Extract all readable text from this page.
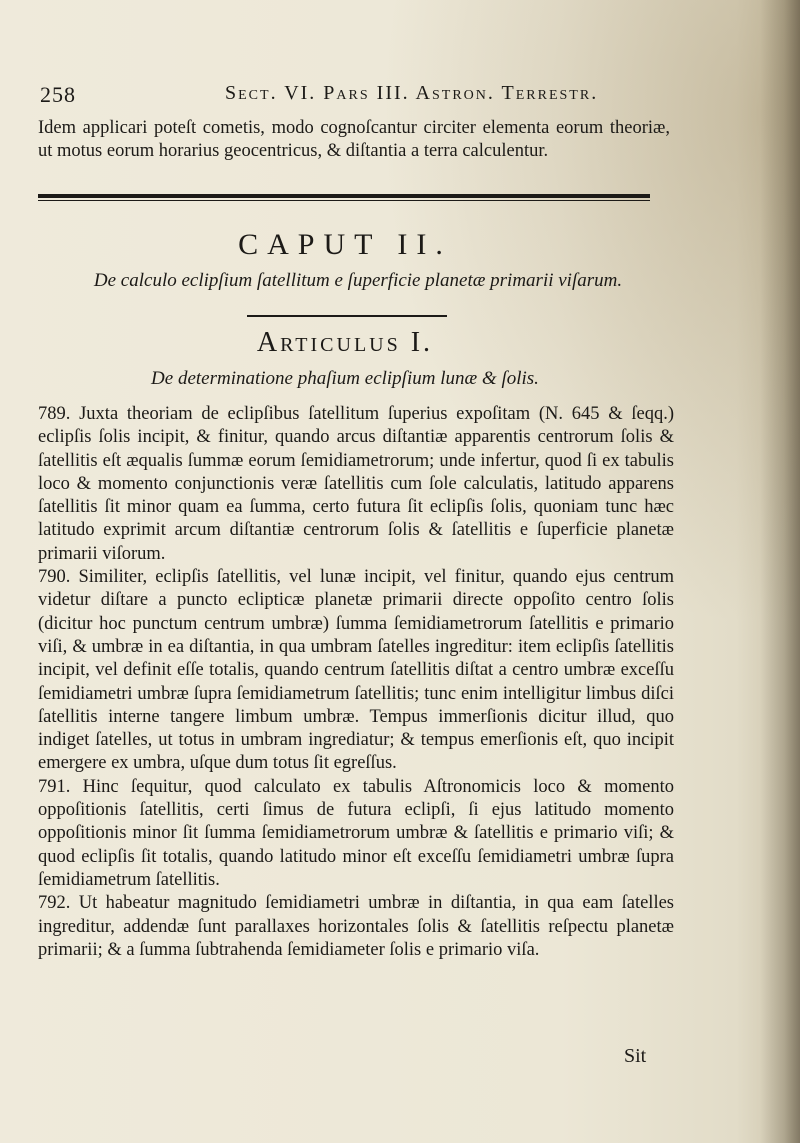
258	Sect. VI. Pars III. Astron. Terrestr.
Idem applicari poteſt cometis, modo cognoſcantur circiter elementa eorum theoriæ, ut motus eorum horarius geocentricus, & diſtantia a terra calculentur.
CAPUT II.
De calculo eclipſium ſatellitum e ſuperficie planetæ primarii viſarum.
Articulus I.
De determinatione phaſium eclipſium lunæ & ſolis.

789. Juxta theoriam de eclipſibus ſatellitum ſuperius expoſitam (N. 645 & ſeqq.) eclipſis ſolis incipit, & finitur, quando arcus diſtantiæ apparentis centrorum ſolis & ſatellitis eſt æqualis ſummæ eorum ſemidiametrorum; unde infertur, quod ſi ex tabulis loco & momento conjunctionis veræ ſatellitis cum ſole calculatis, latitudo apparens ſatellitis ſit minor quam ea ſumma, certo futura ſit eclipſis ſolis, quoniam tunc hæc latitudo exprimit arcum diſtantiæ centrorum ſolis & ſatellitis e ſuperficie planetæ primarii viſorum.

790. Similiter, eclipſis ſatellitis, vel lunæ incipit, vel finitur, quando ejus centrum videtur diſtare a puncto eclipticæ planetæ primarii directe oppoſito centro ſolis (dicitur hoc punctum centrum umbræ) ſumma ſemidiametrorum ſatellitis e primario viſi, & umbræ in ea diſtantia, in qua umbram ſatelles ingreditur: item eclipſis ſatellitis incipit, vel definit eſſe totalis, quando centrum ſatellitis diſtat a centro umbræ exceſſu ſemidiametri umbræ ſupra ſemidiametrum ſatellitis; tunc enim intelligitur limbus diſci ſatellitis interne tangere limbum umbræ. Tempus immerſionis dicitur illud, quo indiget ſatelles, ut totus in umbram ingrediatur; & tempus emerſionis eſt, quo incipit emergere ex umbra, uſque dum totus ſit egreſſus.

791. Hinc ſequitur, quod calculato ex tabulis Aſtronomicis loco & momento oppoſitionis ſatellitis, certi ſimus de futura eclipſi, ſi ejus latitudo momento oppoſitionis minor ſit ſumma ſemidiametrorum umbræ & ſatellitis e primario viſi; & quod eclipſis ſit totalis, quando latitudo minor eſt exceſſu ſemidiametri umbræ ſupra ſemidiametrum ſatellitis.

792. Ut habeatur magnitudo ſemidiametri umbræ in diſtantia, in qua eam ſatelles ingreditur, addendæ ſunt parallaxes horizontales ſolis & ſatellitis reſpectu planetæ primarii; & a ſumma ſubtrahenda ſemidiameter ſolis e primario viſa.

Sit
